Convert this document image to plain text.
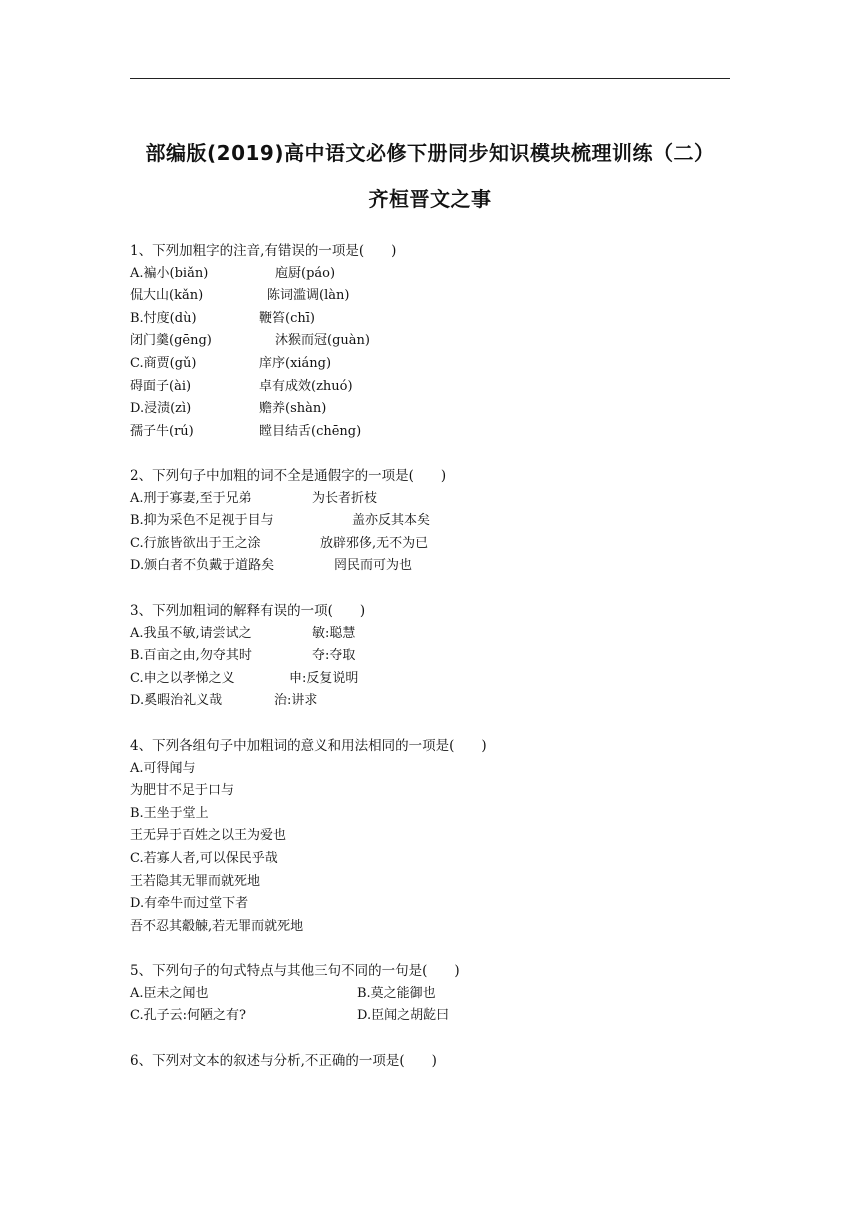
部编版(2019)高中语文必修下册同步知识模块梳理训练（二）
齐桓晋文之事
1、下列加粗字的注音,有错误的一项是(　　)
A.褊小(biǎn)	庖厨(páo)
侃大山(kǎn)	陈词滥调(làn)
B.忖度(dù)	鞭笞(chī)
闭门羹(gēng)	沐猴而冠(guàn)
C.商贾(gǔ)	庠序(xiáng)
碍面子(ài)	卓有成效(zhuó)
D.浸渍(zì)	赡养(shàn)
孺子牛(rú)	瞠目结舌(chēng)
2、下列句子中加粗的词不全是通假字的一项是(　　)
A.刑于寡妻,至于兄弟	为长者折枝
B.抑为采色不足视于目与	盖亦反其本矣
C.行旅皆欲出于王之涂	放辟邪侈,无不为已
D.颁白者不负戴于道路矣	罔民而可为也
3、下列加粗词的解释有误的一项(　　)
A.我虽不敏,请尝试之	敏:聪慧
B.百亩之由,勿夺其时	夺:夺取
C.申之以孝悌之义	申:反复说明
D.奚暇治礼义哉	治:讲求
4、下列各组句子中加粗词的意义和用法相同的一项是(　　)
A.可得闻与
为肥甘不足于口与
B.王坐于堂上
王无异于百姓之以王为爱也
C.若寡人者,可以保民乎哉
王若隐其无罪而就死地
D.有牵牛而过堂下者
吾不忍其觳觫,若无罪而就死地
5、下列句子的句式特点与其他三句不同的一句是(　　)
A.臣未之闻也	B.莫之能御也
C.孔子云:何陋之有?	D.臣闻之胡龁曰
6、下列对文本的叙述与分析,不正确的一项是(　　)
